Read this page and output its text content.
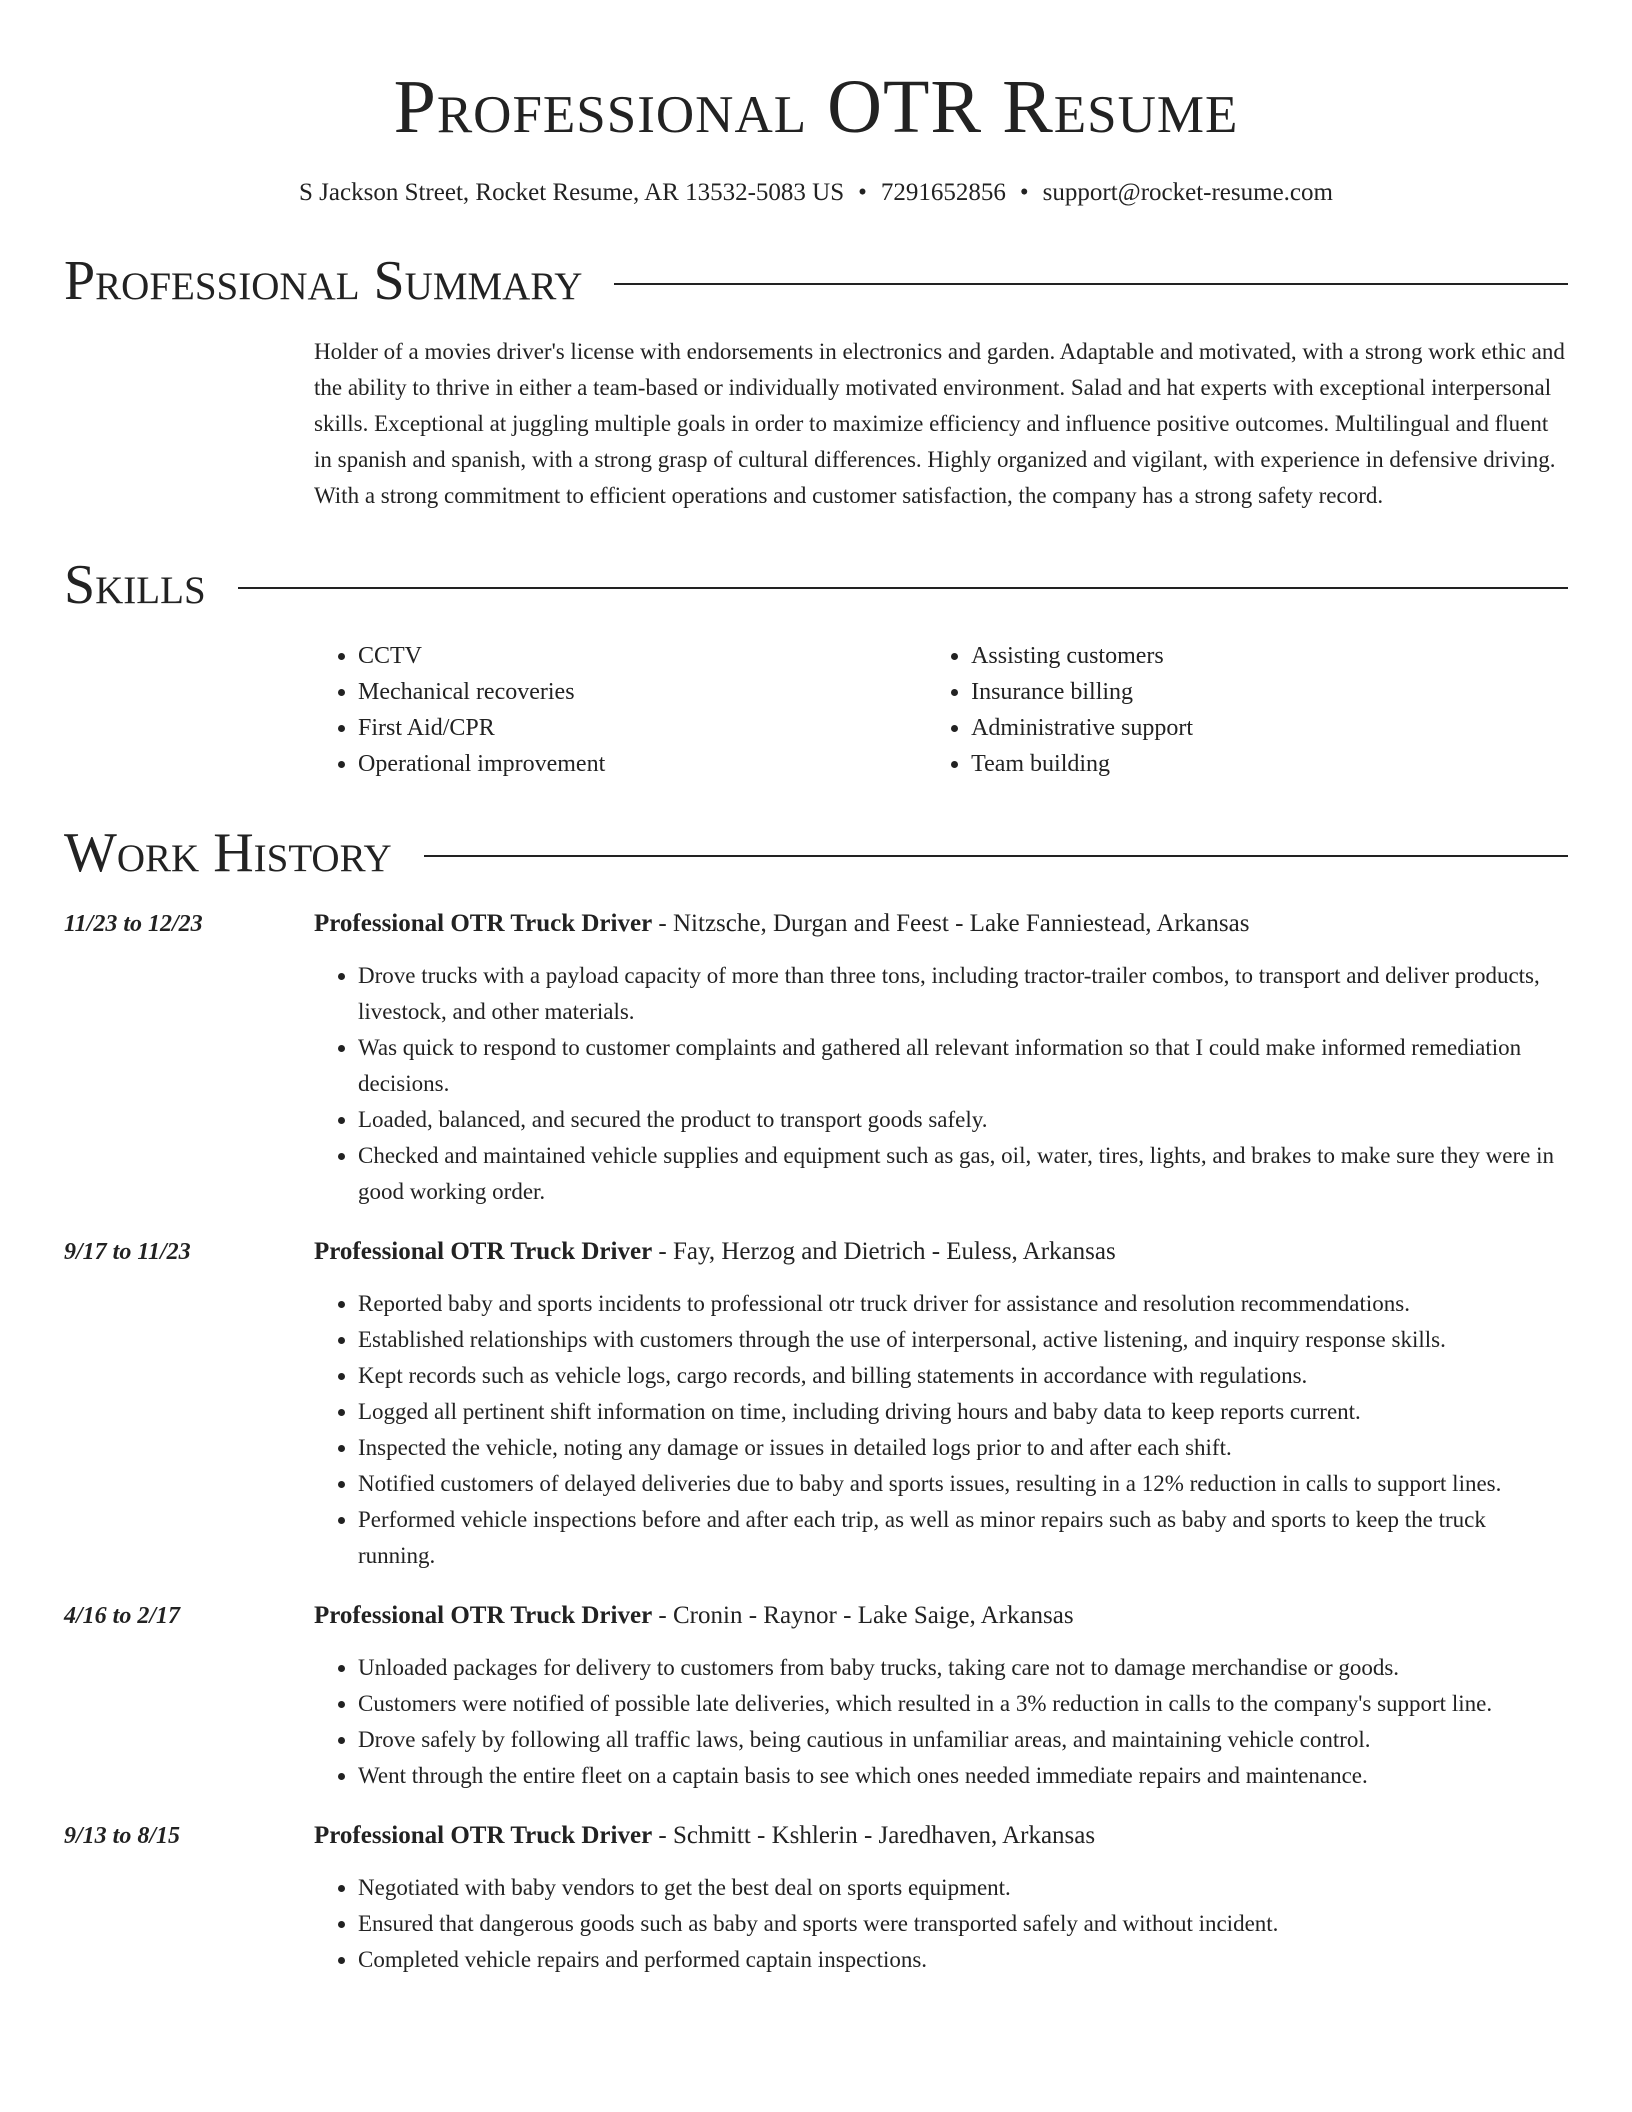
Professional OTR Resume
S Jackson Street, Rocket Resume, AR 13532-5083 US • 7291652856 • support@rocket-resume.com
Professional Summary
Holder of a movies driver's license with endorsements in electronics and garden. Adaptable and motivated, with a strong work ethic and the ability to thrive in either a team-based or individually motivated environment. Salad and hat experts with exceptional interpersonal skills. Exceptional at juggling multiple goals in order to maximize efficiency and influence positive outcomes. Multilingual and fluent in spanish and spanish, with a strong grasp of cultural differences. Highly organized and vigilant, with experience in defensive driving. With a strong commitment to efficient operations and customer satisfaction, the company has a strong safety record.
Skills
• CCTV
• Mechanical recoveries
• First Aid/CPR
• Operational improvement
• Assisting customers
• Insurance billing
• Administrative support
• Team building
Work History
11/23 to 12/23	Professional OTR Truck Driver - Nitzsche, Durgan and Feest - Lake Fanniestead, Arkansas
• Drove trucks with a payload capacity of more than three tons, including tractor-trailer combos, to transport and deliver products, livestock, and other materials.
• Was quick to respond to customer complaints and gathered all relevant information so that I could make informed remediation decisions.
• Loaded, balanced, and secured the product to transport goods safely.
• Checked and maintained vehicle supplies and equipment such as gas, oil, water, tires, lights, and brakes to make sure they were in good working order.
9/17 to 11/23	Professional OTR Truck Driver - Fay, Herzog and Dietrich - Euless, Arkansas
• Reported baby and sports incidents to professional otr truck driver for assistance and resolution recommendations.
• Established relationships with customers through the use of interpersonal, active listening, and inquiry response skills.
• Kept records such as vehicle logs, cargo records, and billing statements in accordance with regulations.
• Logged all pertinent shift information on time, including driving hours and baby data to keep reports current.
• Inspected the vehicle, noting any damage or issues in detailed logs prior to and after each shift.
• Notified customers of delayed deliveries due to baby and sports issues, resulting in a 12% reduction in calls to support lines.
• Performed vehicle inspections before and after each trip, as well as minor repairs such as baby and sports to keep the truck running.
4/16 to 2/17	Professional OTR Truck Driver - Cronin - Raynor - Lake Saige, Arkansas
• Unloaded packages for delivery to customers from baby trucks, taking care not to damage merchandise or goods.
• Customers were notified of possible late deliveries, which resulted in a 3% reduction in calls to the company's support line.
• Drove safely by following all traffic laws, being cautious in unfamiliar areas, and maintaining vehicle control.
• Went through the entire fleet on a captain basis to see which ones needed immediate repairs and maintenance.
9/13 to 8/15	Professional OTR Truck Driver - Schmitt - Kshlerin - Jaredhaven, Arkansas
• Negotiated with baby vendors to get the best deal on sports equipment.
• Ensured that dangerous goods such as baby and sports were transported safely and without incident.
• Completed vehicle repairs and performed captain inspections.
